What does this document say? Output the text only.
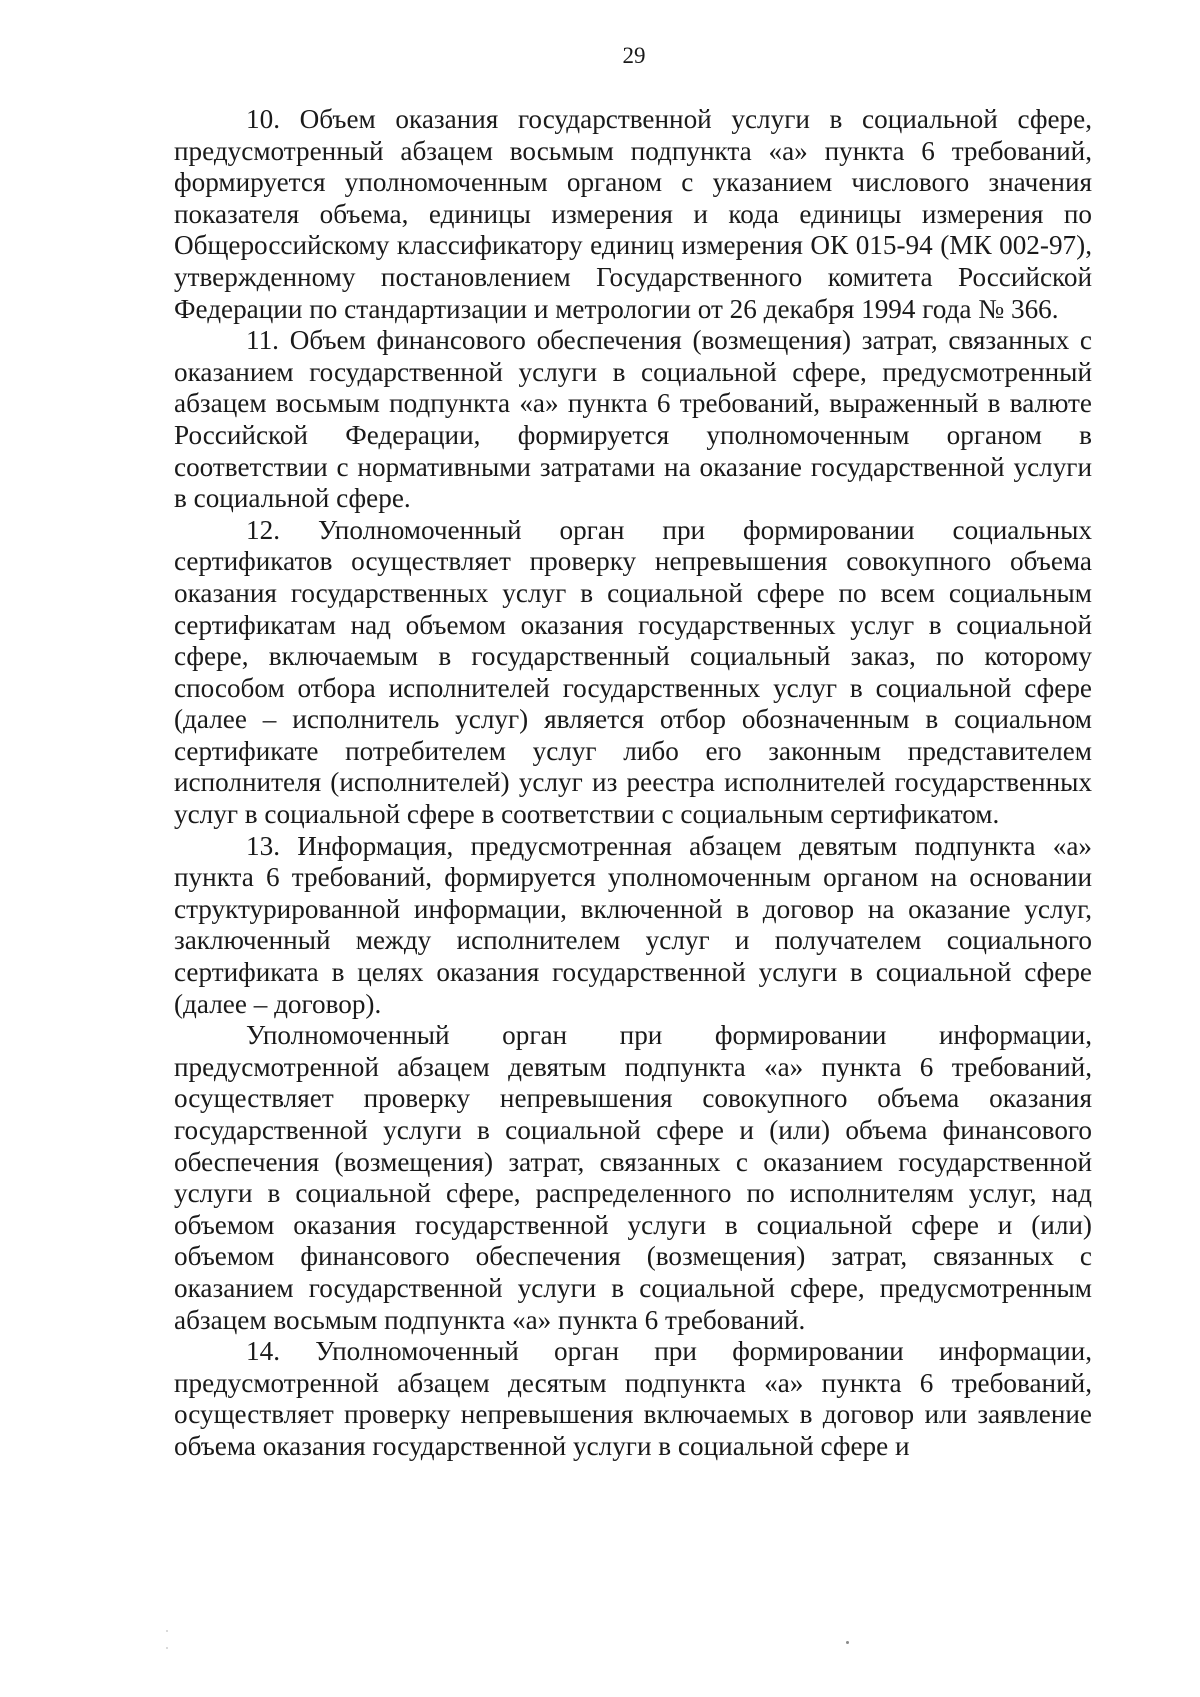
29

10. Объем оказания государственной услуги в социальной сфере, предусмотренный абзацем восьмым подпункта «а» пункта 6 требований, формируется уполномоченным органом с указанием числового значения показателя объема, единицы измерения и кода единицы измерения по Общероссийскому классификатору единиц измерения ОК 015-94 (МК 002-97), утвержденному постановлением Государственного комитета Российской Федерации по стандартизации и метрологии от 26 декабря 1994 года № 366.

11. Объем финансового обеспечения (возмещения) затрат, связанных с оказанием государственной услуги в социальной сфере, предусмотренный абзацем восьмым подпункта «а» пункта 6 требований, выраженный в валюте Российской Федерации, формируется уполномоченным органом в соответствии с нормативными затратами на оказание государственной услуги в социальной сфере.

12. Уполномоченный орган при формировании социальных сертификатов осуществляет проверку непревышения совокупного объема оказания государственных услуг в социальной сфере по всем социальным сертификатам над объемом оказания государственных услуг в социальной сфере, включаемым в государственный социальный заказ, по которому способом отбора исполнителей государственных услуг в социальной сфере (далее – исполнитель услуг) является отбор обозначенным в социальном сертификате потребителем услуг либо его законным представителем исполнителя (исполнителей) услуг из реестра исполнителей государственных услуг в социальной сфере в соответствии с социальным сертификатом.

13. Информация, предусмотренная абзацем девятым подпункта «а» пункта 6 требований, формируется уполномоченным органом на основании структурированной информации, включенной в договор на оказание услуг, заключенный между исполнителем услуг и получателем социального сертификата в целях оказания государственной услуги в социальной сфере (далее – договор).

Уполномоченный орган при формировании информации, предусмотренной абзацем девятым подпункта «а» пункта 6 требований, осуществляет проверку непревышения совокупного объема оказания государственной услуги в социальной сфере и (или) объема финансового обеспечения (возмещения) затрат, связанных с оказанием государственной услуги в социальной сфере, распределенного по исполнителям услуг, над объемом оказания государственной услуги в социальной сфере и (или) объемом финансового обеспечения (возмещения) затрат, связанных с оказанием государственной услуги в социальной сфере, предусмотренным абзацем восьмым подпункта «а» пункта 6 требований.

14. Уполномоченный орган при формировании информации, предусмотренной абзацем десятым подпункта «а» пункта 6 требований, осуществляет проверку непревышения включаемых в договор или заявление объема оказания государственной услуги в социальной сфере и
